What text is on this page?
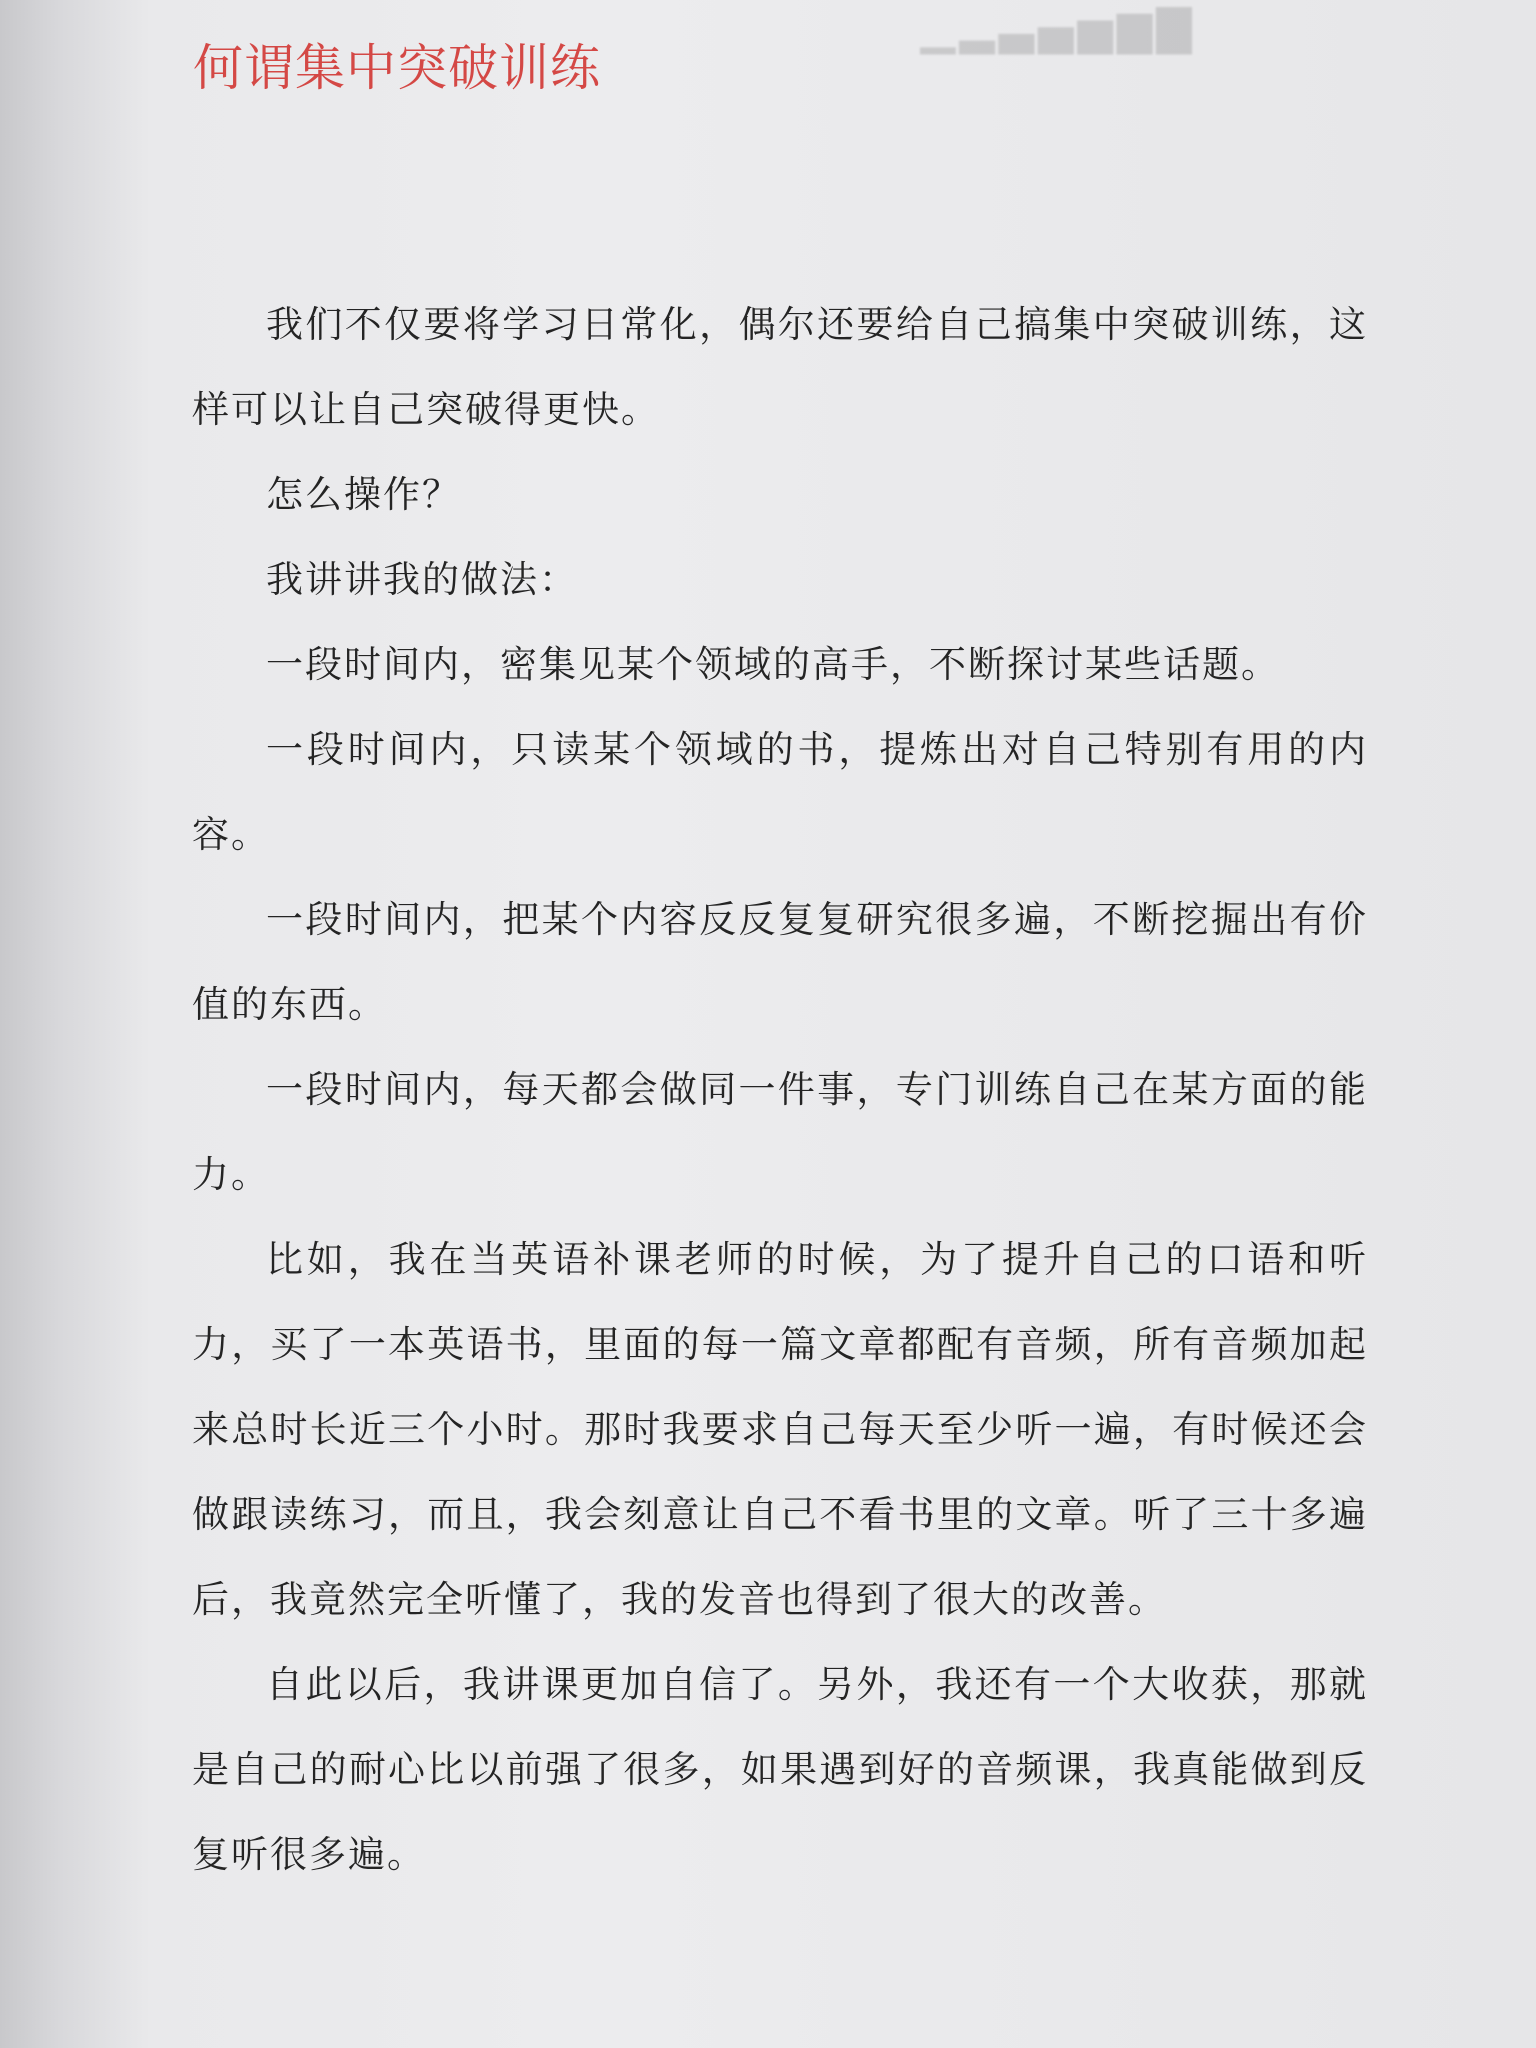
▁▂▃▄▅▆▇
何谓集中突破训练

我们不仅要将学习日常化，偶尔还要给自己搞集中突破训练，这样可以让自己突破得更快。

怎么操作？

我讲讲我的做法：

一段时间内，密集见某个领域的高手，不断探讨某些话题。

一段时间内，只读某个领域的书，提炼出对自己特别有用的内容。

一段时间内，把某个内容反反复复研究很多遍，不断挖掘出有价值的东西。

一段时间内，每天都会做同一件事，专门训练自己在某方面的能力。

比如，我在当英语补课老师的时候，为了提升自己的口语和听力，买了一本英语书，里面的每一篇文章都配有音频，所有音频加起来总时长近三个小时。那时我要求自己每天至少听一遍，有时候还会做跟读练习，而且，我会刻意让自己不看书里的文章。听了三十多遍后，我竟然完全听懂了，我的发音也得到了很大的改善。

自此以后，我讲课更加自信了。另外，我还有一个大收获，那就是自己的耐心比以前强了很多，如果遇到好的音频课，我真能做到反复听很多遍。
